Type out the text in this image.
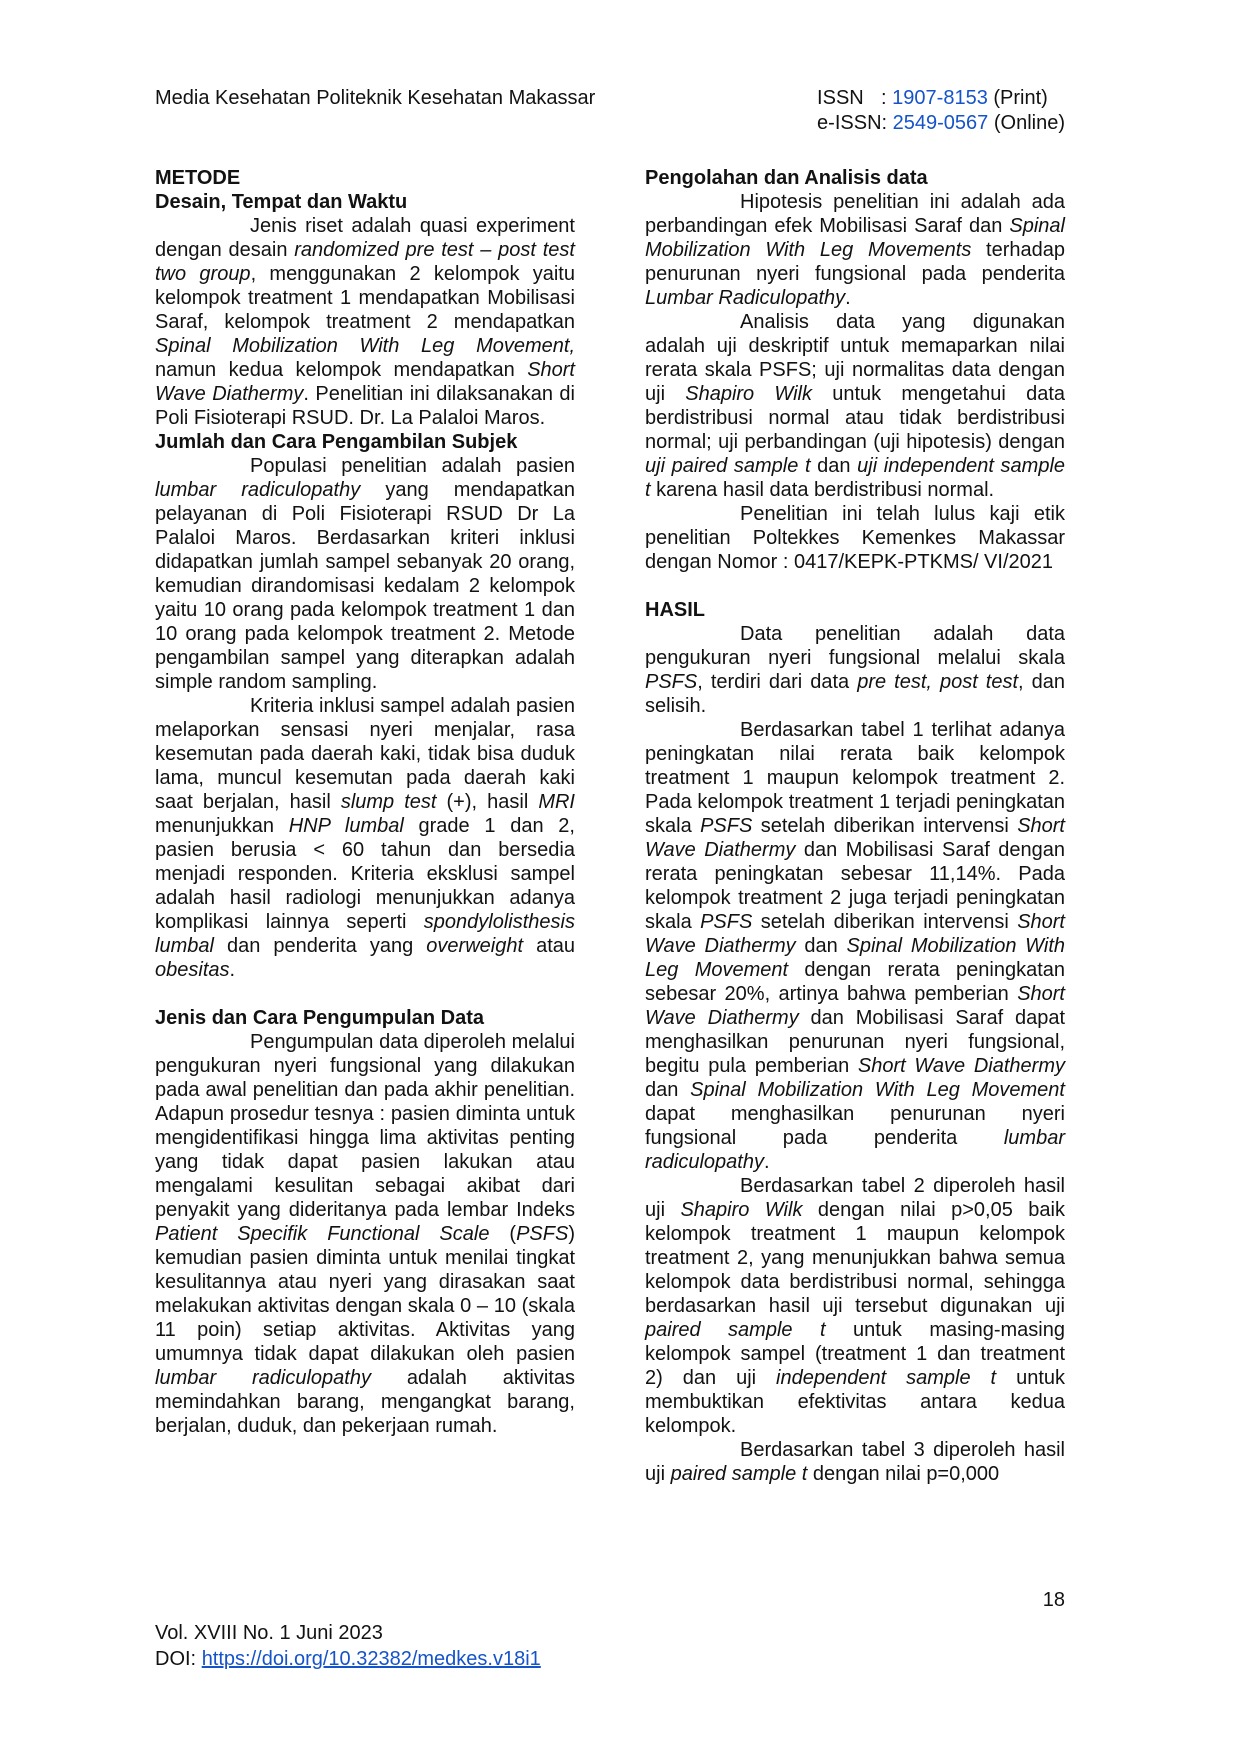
Media Kesehatan Politeknik Kesehatan Makassar	ISSN : 1907-8153 (Print)
e-ISSN: 2549-0567 (Online)
METODE
Desain, Tempat dan Waktu

Jenis riset adalah quasi experiment dengan desain randomized pre test – post test two group, menggunakan 2 kelompok yaitu kelompok treatment 1 mendapatkan Mobilisasi Saraf, kelompok treatment 2 mendapatkan Spinal Mobilization With Leg Movement, namun kedua kelompok mendapatkan Short Wave Diathermy. Penelitian ini dilaksanakan di Poli Fisioterapi RSUD. Dr. La Palaloi Maros.

Jumlah dan Cara Pengambilan Subjek

Populasi penelitian adalah pasien lumbar radiculopathy yang mendapatkan pelayanan di Poli Fisioterapi RSUD Dr La Palaloi Maros. Berdasarkan kriteri inklusi didapatkan jumlah sampel sebanyak 20 orang, kemudian dirandomisasi kedalam 2 kelompok yaitu 10 orang pada kelompok treatment 1 dan 10 orang pada kelompok treatment 2. Metode pengambilan sampel yang diterapkan adalah simple random sampling.

Kriteria inklusi sampel adalah pasien melaporkan sensasi nyeri menjalar, rasa kesemutan pada daerah kaki, tidak bisa duduk lama, muncul kesemutan pada daerah kaki saat berjalan, hasil slump test (+), hasil MRI menunjukkan HNP lumbal grade 1 dan 2, pasien berusia < 60 tahun dan bersedia menjadi responden. Kriteria eksklusi sampel adalah hasil radiologi menunjukkan adanya komplikasi lainnya seperti spondylolisthesis lumbal dan penderita yang overweight atau obesitas.

Jenis dan Cara Pengumpulan Data

Pengumpulan data diperoleh melalui pengukuran nyeri fungsional yang dilakukan pada awal penelitian dan pada akhir penelitian. Adapun prosedur tesnya : pasien diminta untuk mengidentifikasi hingga lima aktivitas penting yang tidak dapat pasien lakukan atau mengalami kesulitan sebagai akibat dari penyakit yang dideritanya pada lembar Indeks Patient Specifik Functional Scale (PSFS) kemudian pasien diminta untuk menilai tingkat kesulitannya atau nyeri yang dirasakan saat melakukan aktivitas dengan skala 0 – 10 (skala 11 poin) setiap aktivitas. Aktivitas yang umumnya tidak dapat dilakukan oleh pasien lumbar radiculopathy adalah aktivitas memindahkan barang, mengangkat barang, berjalan, duduk, dan pekerjaan rumah.

Pengolahan dan Analisis data

Hipotesis penelitian ini adalah ada perbandingan efek Mobilisasi Saraf dan Spinal Mobilization With Leg Movements terhadap penurunan nyeri fungsional pada penderita Lumbar Radiculopathy.

Analisis data yang digunakan adalah uji deskriptif untuk memaparkan nilai rerata skala PSFS; uji normalitas data dengan uji Shapiro Wilk untuk mengetahui data berdistribusi normal atau tidak berdistribusi normal; uji perbandingan (uji hipotesis) dengan uji paired sample t dan uji independent sample t karena hasil data berdistribusi normal.

Penelitian ini telah lulus kaji etik penelitian Poltekkes Kemenkes Makassar dengan Nomor : 0417/KEPK-PTKMS/ VI/2021

HASIL

Data penelitian adalah data pengukuran nyeri fungsional melalui skala PSFS, terdiri dari data pre test, post test, dan selisih.

Berdasarkan tabel 1 terlihat adanya peningkatan nilai rerata baik kelompok treatment 1 maupun kelompok treatment 2. Pada kelompok treatment 1 terjadi peningkatan skala PSFS setelah diberikan intervensi Short Wave Diathermy dan Mobilisasi Saraf dengan rerata peningkatan sebesar 11,14%. Pada kelompok treatment 2 juga terjadi peningkatan skala PSFS setelah diberikan intervensi Short Wave Diathermy dan Spinal Mobilization With Leg Movement dengan rerata peningkatan sebesar 20%, artinya bahwa pemberian Short Wave Diathermy dan Mobilisasi Saraf dapat menghasilkan penurunan nyeri fungsional, begitu pula pemberian Short Wave Diathermy dan Spinal Mobilization With Leg Movement dapat menghasilkan penurunan nyeri fungsional pada penderita lumbar radiculopathy.

Berdasarkan tabel 2 diperoleh hasil uji Shapiro Wilk dengan nilai p>0,05 baik kelompok treatment 1 maupun kelompok treatment 2, yang menunjukkan bahwa semua kelompok data berdistribusi normal, sehingga berdasarkan hasil uji tersebut digunakan uji paired sample t untuk masing-masing kelompok sampel (treatment 1 dan treatment 2) dan uji independent sample t untuk membuktikan efektivitas antara kedua kelompok.

Berdasarkan tabel 3 diperoleh hasil uji paired sample t dengan nilai p=0,000

18
Vol. XVIII No. 1 Juni 2023
DOI: https://doi.org/10.32382/medkes.v18i1
